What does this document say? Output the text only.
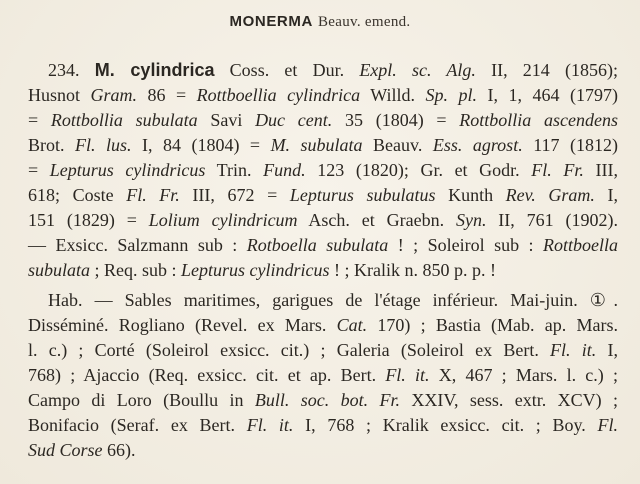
MONERMA Beauv. emend.
234. M. cylindrica Coss. et Dur. Expl. sc. Alg. II, 214 (1856);
Husnot Gram. 86 = Rottboellia cylindrica Willd. Sp. pl. I, 1, 464 (1797)
= Rottbollia subulata Savi Duc cent. 35 (1804) = Rottbollia ascendens
Brot. Fl. lus. I, 84 (1804) = M. subulata Beauv. Ess. agrost. 117 (1812)
= Lepturus cylindricus Trin. Fund. 123 (1820); Gr. et Godr. Fl. Fr. III,
618; Coste Fl. Fr. III, 672 = Lepturus subulatus Kunth Rev. Gram. I,
151 (1829) = Lolium cylindricum Asch. et Graebn. Syn. II, 761 (1902).
— Exsicc. Salzmann sub : Rotboella subulata ! ; Soleirol sub : Rottboella
subulata ; Req. sub : Lepturus cylindricus ! ; Kralik n. 850 p. p. !
Hab. — Sables maritimes, garigues de l'étage inférieur. Mai-juin. ①.
Disséminé. Rogliano (Revel. ex Mars. Cat. 170) ; Bastia (Mab. ap. Mars.
l. c.) ; Corté (Soleirol exsicc. cit.) ; Galeria (Soleirol ex Bert. Fl. it. I,
768) ; Ajaccio (Req. exsicc. cit. et ap. Bert. Fl. it. X, 467 ; Mars. l. c.) ;
Campo di Loro (Boullu in Bull. soc. bot. Fr. XXIV, sess. extr. XCV) ;
Bonifacio (Seraf. ex Bert. Fl. it. I, 768 ; Kralik exsicc. cit. ; Boy. Fl.
Sud Corse 66).
